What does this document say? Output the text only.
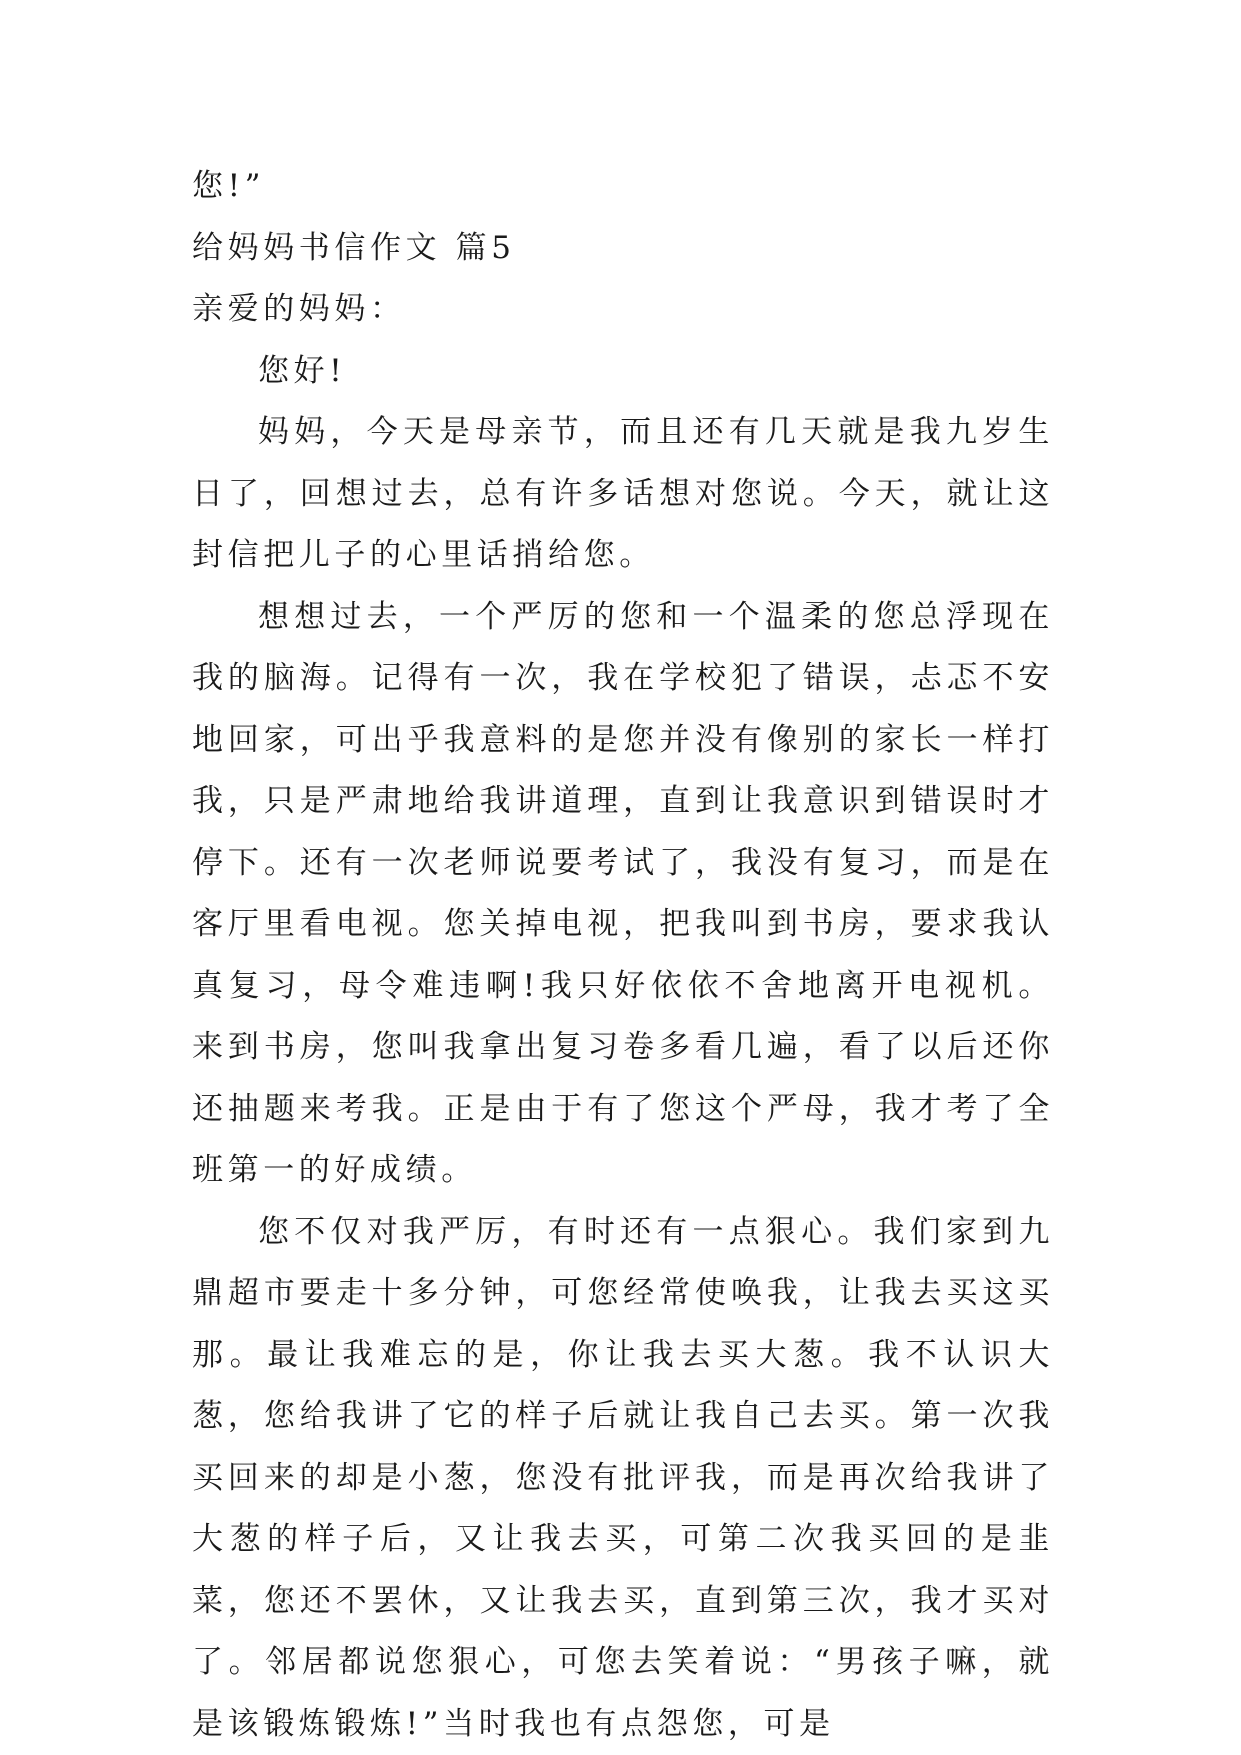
您!”
给妈妈书信作文 篇5
亲爱的妈妈：
您好!

妈妈，今天是母亲节，而且还有几天就是我九岁生日了，回想过去，总有许多话想对您说。今天，就让这封信把儿子的心里话捎给您。

想想过去，一个严厉的您和一个温柔的您总浮现在我的脑海。记得有一次，我在学校犯了错误，忐忑不安地回家，可出乎我意料的是您并没有像别的家长一样打我，只是严肃地给我讲道理，直到让我意识到错误时才停下。还有一次老师说要考试了，我没有复习，而是在客厅里看电视。您关掉电视，把我叫到书房，要求我认真复习，母令难违啊!我只好依依不舍地离开电视机。来到书房，您叫我拿出复习卷多看几遍，看了以后还你还抽题来考我。正是由于有了您这个严母，我才考了全班第一的好成绩。

您不仅对我严厉，有时还有一点狠心。我们家到九鼎超市要走十多分钟，可您经常使唤我，让我去买这买那。最让我难忘的是，你让我去买大葱。我不认识大葱，您给我讲了它的样子后就让我自己去买。第一次我买回来的却是小葱，您没有批评我，而是再次给我讲了大葱的样子后，又让我去买，可第二次我买回的是韭菜，您还不罢休，又让我去买，直到第三次，我才买对了。邻居都说您狠心，可您去笑着说：“男孩子嘛，就是该锻炼锻炼!”当时我也有点怨您，可是
